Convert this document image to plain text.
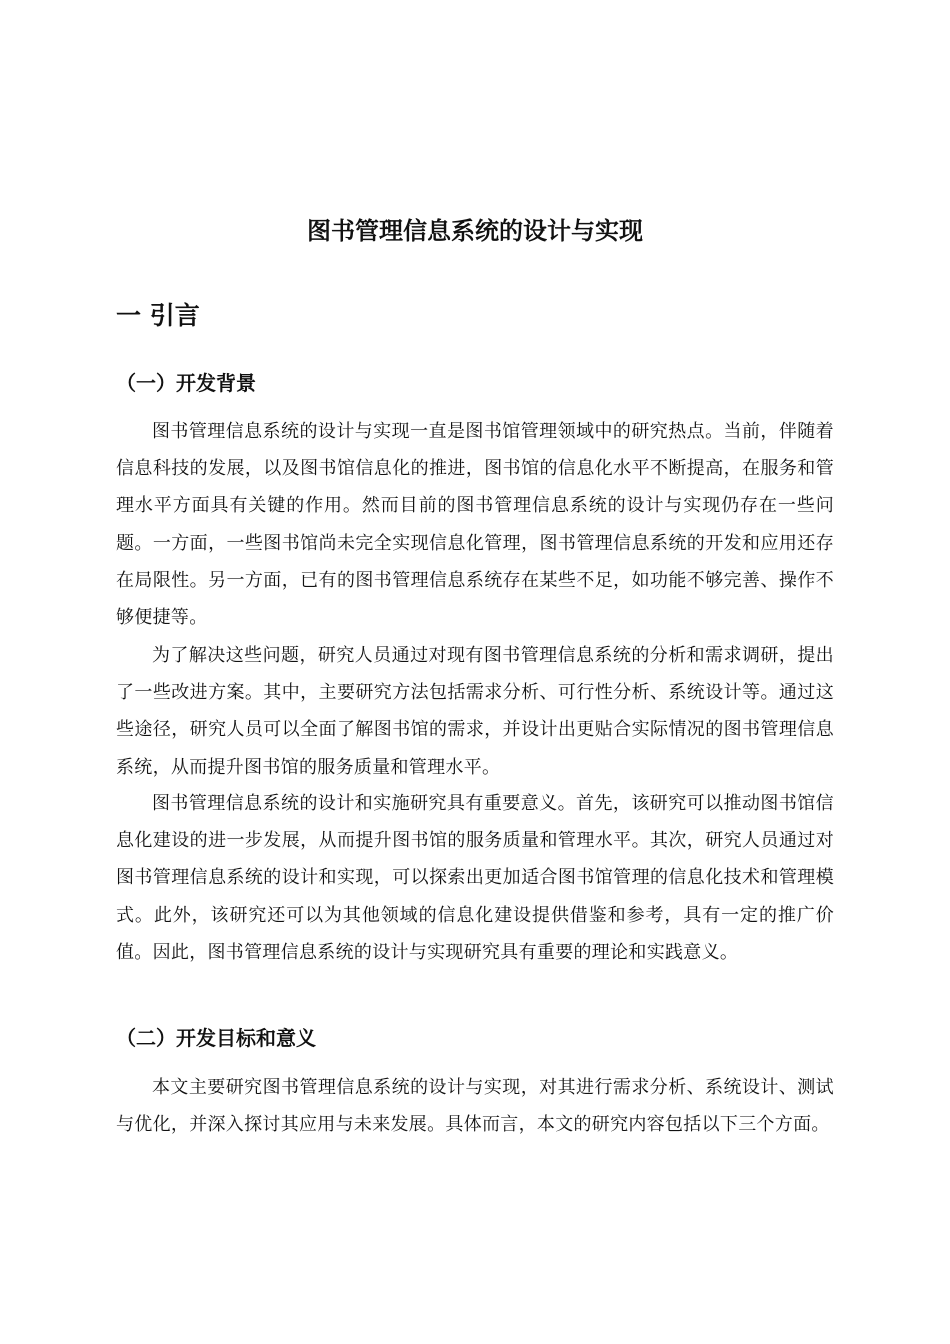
图书管理信息系统的设计与实现
一 引言
（一）开发背景

图书管理信息系统的设计与实现一直是图书馆管理领域中的研究热点。当前，伴随着信息科技的发展，以及图书馆信息化的推进，图书馆的信息化水平不断提高，在服务和管理水平方面具有关键的作用。然而目前的图书管理信息系统的设计与实现仍存在一些问题。一方面，一些图书馆尚未完全实现信息化管理，图书管理信息系统的开发和应用还存在局限性。另一方面，已有的图书管理信息系统存在某些不足，如功能不够完善、操作不够便捷等。

为了解决这些问题，研究人员通过对现有图书管理信息系统的分析和需求调研，提出了一些改进方案。其中，主要研究方法包括需求分析、可行性分析、系统设计等。通过这些途径，研究人员可以全面了解图书馆的需求，并设计出更贴合实际情况的图书管理信息系统，从而提升图书馆的服务质量和管理水平。

图书管理信息系统的设计和实施研究具有重要意义。首先，该研究可以推动图书馆信息化建设的进一步发展，从而提升图书馆的服务质量和管理水平。其次，研究人员通过对图书管理信息系统的设计和实现，可以探索出更加适合图书馆管理的信息化技术和管理模式。此外，该研究还可以为其他领域的信息化建设提供借鉴和参考，具有一定的推广价值。因此，图书管理信息系统的设计与实现研究具有重要的理论和实践意义。

（二）开发目标和意义

本文主要研究图书管理信息系统的设计与实现，对其进行需求分析、系统设计、测试与优化，并深入探讨其应用与未来发展。具体而言，本文的研究内容包括以下三个方面。
